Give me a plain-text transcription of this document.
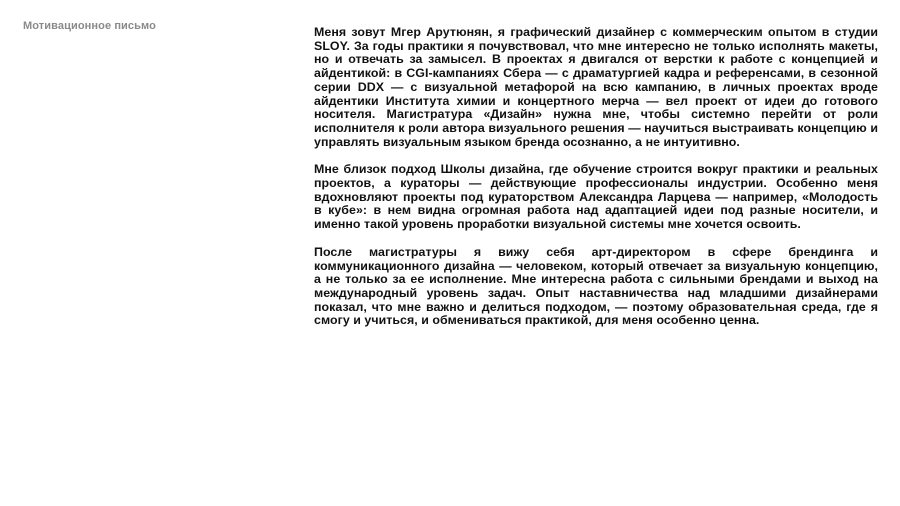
Мотивационное письмо	Меня зовут Мгер Арутюнян, я графический дизайнер с коммерческим опытом в студии SLOY. За годы практики я почувствовал, что мне интересно не только исполнять макеты, но и отвечать за замысел. В проектах я двигался от верстки к работе с концепцией и айдентикой: в CGI-кампаниях Сбера — с драматургией кадра и референсами, в сезонной серии DDX — с визуальной метафорой на всю кампанию, в личных проектах вроде айдентики Института химии и концертного мерча — вел проект от идеи до готового носителя. Магистратура «Дизайн» нужна мне, чтобы системно перейти от роли исполнителя к роли автора визуального решения — научиться выстраивать концепцию и управлять визуальным языком бренда осознанно, а не интуитивно.

Мне близок подход Школы дизайна, где обучение строится вокруг практики и реальных проектов, а кураторы — действующие профессионалы индустрии. Особенно меня вдохновляют проекты под кураторством Александра Ларцева — например, «Молодость в кубе»: в нем видна огромная работа над адаптацией идеи под разные носители, и именно такой уровень проработки визуальной системы мне хочется освоить.

После магистратуры я вижу себя арт-директором в сфере брендинга и коммуникационного дизайна — человеком, который отвечает за визуальную концепцию, а не только за ее исполнение. Мне интересна работа с сильными брендами и выход на международный уровень задач. Опыт наставничества над младшими дизайнерами показал, что мне важно и делиться подходом, — поэтому образовательная среда, где я смогу и учиться, и обмениваться практикой, для меня особенно ценна.
